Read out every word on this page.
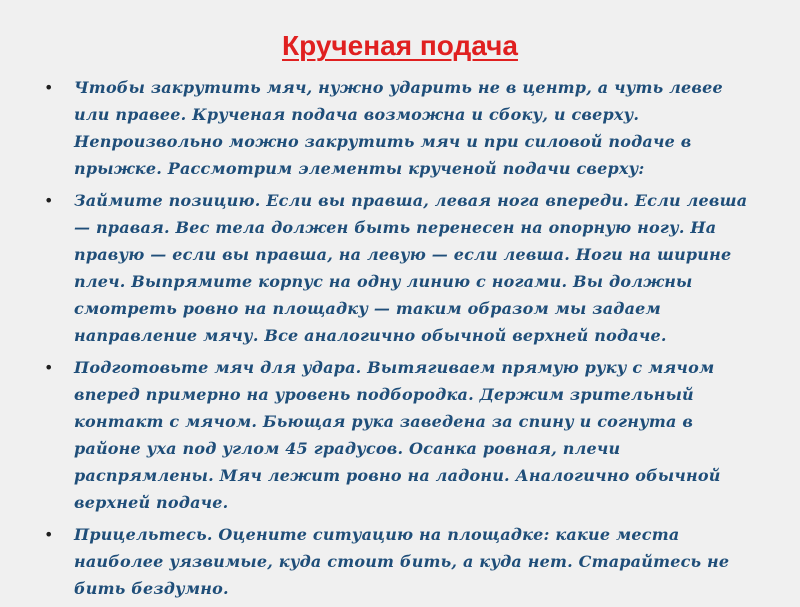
Крученая подача
• Чтобы закрутить мяч, нужно ударить не в центр, а чуть левее или правее. Крученая подача возможна и сбоку, и сверху. Непроизвольно можно закрутить мяч и при силовой подаче в прыжке. Рассмотрим элементы крученой подачи сверху:
• Займите позицию. Если вы правша, левая нога впереди. Если левша — правая. Вес тела должен быть перенесен на опорную ногу. На правую — если вы правша, на левую — если левша. Ноги на ширине плеч. Выпрямите корпус на одну линию с ногами. Вы должны смотреть ровно на площадку — таким образом мы задаем направление мячу. Все аналогично обычной верхней подаче.
• Подготовьте мяч для удара. Вытягиваем прямую руку с мячом вперед примерно на уровень подбородка. Держим зрительный контакт с мячом. Бьющая рука заведена за спину и согнута в районе уха под углом 45 градусов. Осанка ровная, плечи распрямлены. Мяч лежит ровно на ладони. Аналогично обычной верхней подаче.
• Прицельтесь. Оцените ситуацию на площадке: какие места наиболее уязвимые, куда стоит бить, а куда нет. Старайтесь не бить бездумно.
